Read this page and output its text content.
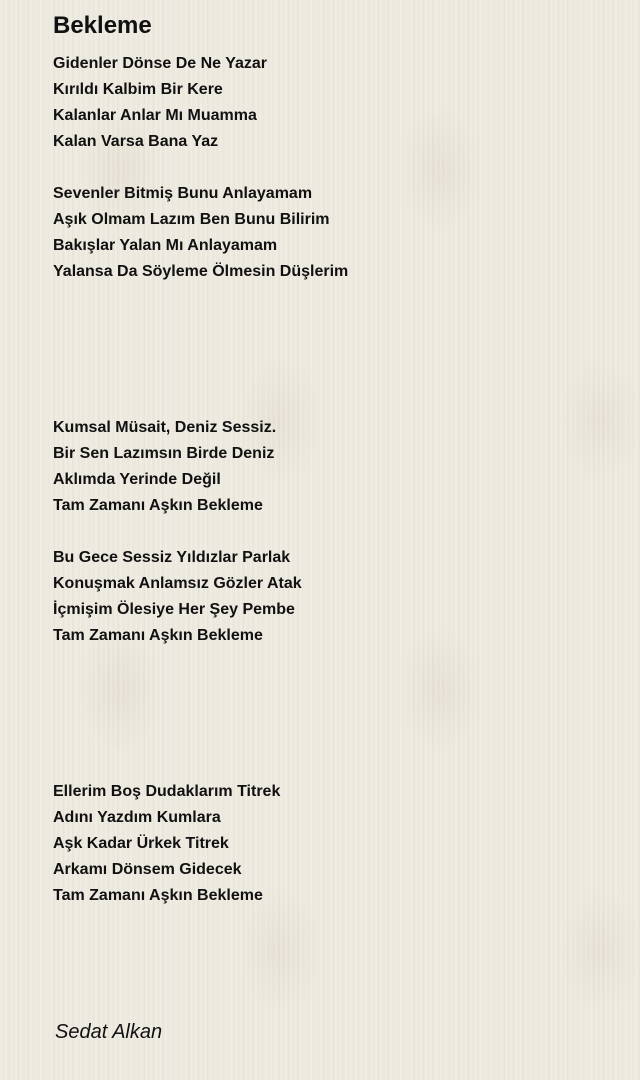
Bekleme
Gidenler Dönse De Ne Yazar
Kırıldı Kalbim Bir Kere
Kalanlar Anlar Mı Muamma
Kalan Varsa Bana Yaz
Sevenler Bitmiş Bunu Anlayamam
Aşık Olmam Lazım Ben Bunu Bilirim
Bakışlar Yalan Mı Anlayamam
Yalansa Da Söyleme Ölmesin Düşlerim
Kumsal Müsait, Deniz Sessiz.
Bir Sen Lazımsın Birde Deniz
Aklımda Yerinde Değil
Tam Zamanı Aşkın Bekleme
Bu Gece Sessiz Yıldızlar Parlak
Konuşmak Anlamsız Gözler Atak
İçmişim Ölesiye Her Şey Pembe
Tam Zamanı Aşkın Bekleme
Ellerim Boş Dudaklarım Titrek
Adını Yazdım Kumlara
Aşk Kadar Ürkek Titrek
Arkamı Dönsem Gidecek
Tam Zamanı Aşkın Bekleme
Sedat Alkan
